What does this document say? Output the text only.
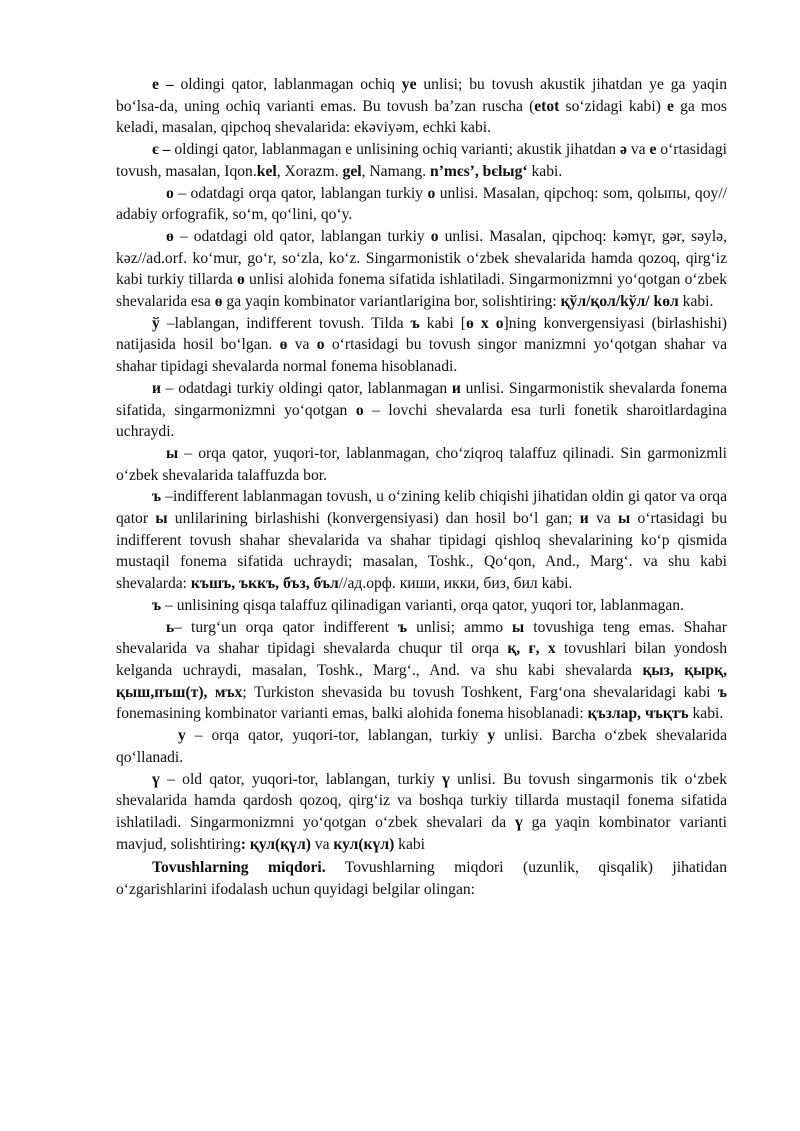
e – oldingi qator, lablanmagan ochiq ye unlisi; bu tovush akustik jihatdan ye ga yaqin bo‘lsa-da, uning ochiq varianti emas. Bu tovush ba’zan ruscha (etot so‘zidagi kabi) e ga mos keladi, masalan, qipchoq shevalarida: ekəviyəm, echki kabi.

є – oldingi qator, lablanmagan e unlisining ochiq varianti; akustik jihatdan ə va e o‘rtasidagi tovush, masalan, Iqon.kel, Xorazm. gel, Namang. n’mєs’, bєlыg‘ kabi.

o – odatdagi orqa qator, lablangan turkiy o unlisi. Masalan, qipchoq: som, qolыпы, qoy// adabiy orfografik, so‘m, qo‘lini, qo‘y.

ө – odatdagi old qator, lablangan turkiy o unlisi. Masalan, qipchoq: kəmүr, gər, səylə, kəz//ad.orf. ko‘mur, go‘r, so‘zla, ko‘z. Singarmonistik o‘zbek shevalarida hamda qozoq, qirg‘iz kabi turkiy tillarda ө unlisi alohida fonema sifatida ishlatiladi. Singarmonizmni yo‘qotgan o‘zbek shevalarida esa ө ga yaqin kombinator variantlarigina bor, solishtiring: қўл/қол/kўл/ kөл kabi.

ў –lablangan, indifferent tovush. Tilda ъ kabi [ө x o]ning konvergensiyasi (birlashishi) natijasida hosil bo‘lgan. ө va o o‘rtasidagi bu tovush singor manizmni yo‘qotgan shahar va shahar tipidagi shevalarda normal fonema hisoblanadi.

и – odatdagi turkiy oldingi qator, lablanmagan и unlisi. Singarmonistik shevalarda fonema sifatida, singarmonizmni yo‘qotgan o – lovchi shevalarda esa turli fonetik sharoitlardagina uchraydi.

ы – orqa qator, yuqori-tor, lablanmagan, cho‘ziqroq talaffuz qilinadi. Sin garmonizmli o‘zbek shevalarida talaffuzda bor.

ъ –indifferent lablanmagan tovush, u o‘zining kelib chiqishi jihatidan oldin gi qator va orqa qator ы unlilarining birlashishi (konvergensiyasi) dan hosil bo‘l gan; и va ы o‘rtasidagi bu indifferent tovush shahar shevalarida va shahar tipidagi qishloq shevalarining ko‘p qismida mustaqil fonema sifatida uchraydi; masalan, Toshk., Qo‘qon, And., Marg‘. va shu kabi shevalarda: къшъ, ъккъ, бъз, бъл//ад.орф. киши, икки, биз, бил kabi.

ъ – unlisining qisqa talaffuz qilinadigan varianti, orqa qator, yuqori tor, lablanmagan.

ь– turg‘un orqa qator indifferent ъ unlisi; ammo ы tovushiga teng emas. Shahar shevalarida va shahar tipidagi shevalarda chuqur til orqa қ, ғ, х tovushlari bilan yondosh kelganda uchraydi, masalan, Toshk., Marg‘., And. va shu kabi shevalarda қыз, қырқ, қыш,пъш(т), мъх; Turkiston shevasida bu tovush Toshkent, Farg‘ona shevalaridagi kabi ъ fonemasining kombinator varianti emas, balki alohida fonema hisoblanadi: қъзлар, чъқтъ kabi.

у – orqa qator, yuqori-tor, lablangan, turkiy у unlisi. Barcha o‘zbek shevalarida qo‘llanadi.

ү – old qator, yuqori-tor, lablangan, turkiy ү unlisi. Bu tovush singarmonis tik o‘zbek shevalarida hamda qardosh qozoq, qirg‘iz va boshqa turkiy tillarda mustaqil fonema sifatida ishlatiladi. Singarmonizmni yo‘qotgan o‘zbek shevalari da ү ga yaqin kombinator varianti mavjud, solishtiring: қул(қүл) va кул(күл) kabi

Tovushlarning miqdori. Tovushlarning miqdori (uzunlik, qisqalik) jihatidan o‘zgarishlarini ifodalash uchun quyidagi belgilar olingan:
